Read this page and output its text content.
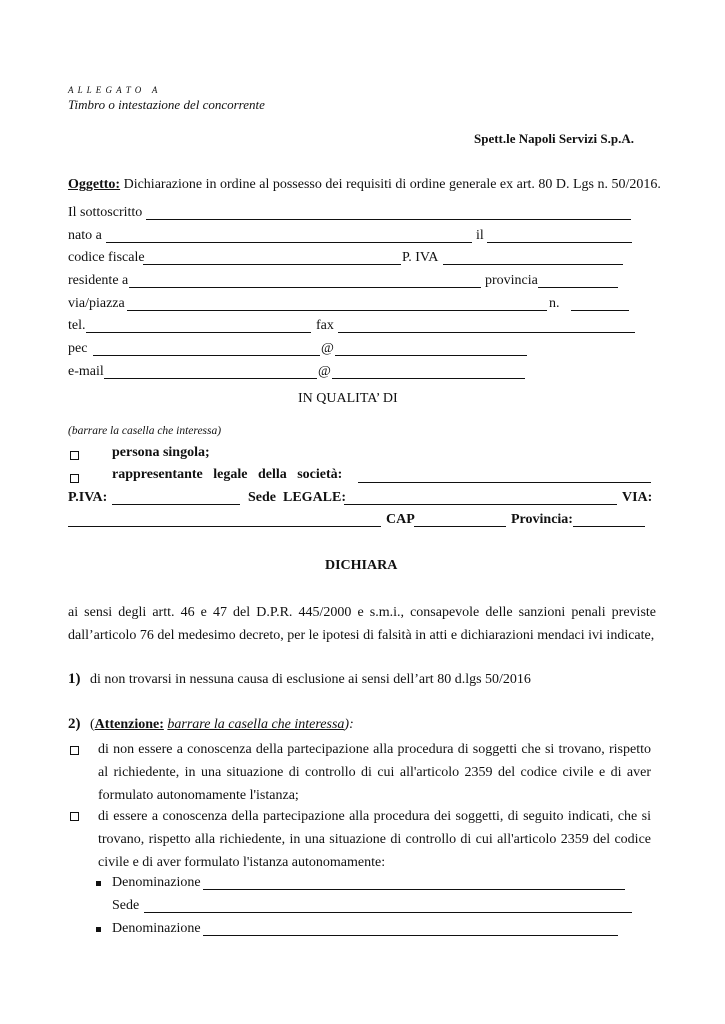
A L L E G A T O   A
Timbro o intestazione del concorrente
Spett.le Napoli Servizi S.p.A.
Oggetto: Dichiarazione in ordine al possesso dei requisiti di ordine generale ex art. 80 D. Lgs n. 50/2016.
Il sottoscritto
nato a	il
codice fiscale	P. IVA
residente a	provincia
via/piazza	n.
tel.	fax
pec	@
e-mail	@
IN QUALITA’ DI
(barrare la casella che interessa)
persona singola;
rappresentante   legale   della   società:
P.IVA:	Sede  LEGALE:	VIA:
CAP	Provincia:
DICHIARA
ai sensi degli artt. 46 e 47 del D.P.R. 445/2000 e s.m.i., consapevole delle sanzioni penali previste dall’articolo 76 del medesimo decreto, per le ipotesi di falsità in atti e dichiarazioni mendaci ivi indicate,
1) di non trovarsi in nessuna causa di esclusione ai sensi dell’art 80 d.lgs 50/2016
2) (Attenzione: barrare la casella che interessa):
di non essere a conoscenza della partecipazione alla procedura di soggetti che si trovano, rispetto al richiedente, in una situazione di controllo di cui all'articolo 2359 del codice civile e di aver formulato autonomamente l'istanza;
di essere a conoscenza della partecipazione alla procedura dei soggetti, di seguito indicati, che si trovano, rispetto alla richiedente, in una situazione di controllo di cui all'articolo 2359 del codice civile e di aver formulato l'istanza autonomamente:
Denominazione
Sede
Denominazione
